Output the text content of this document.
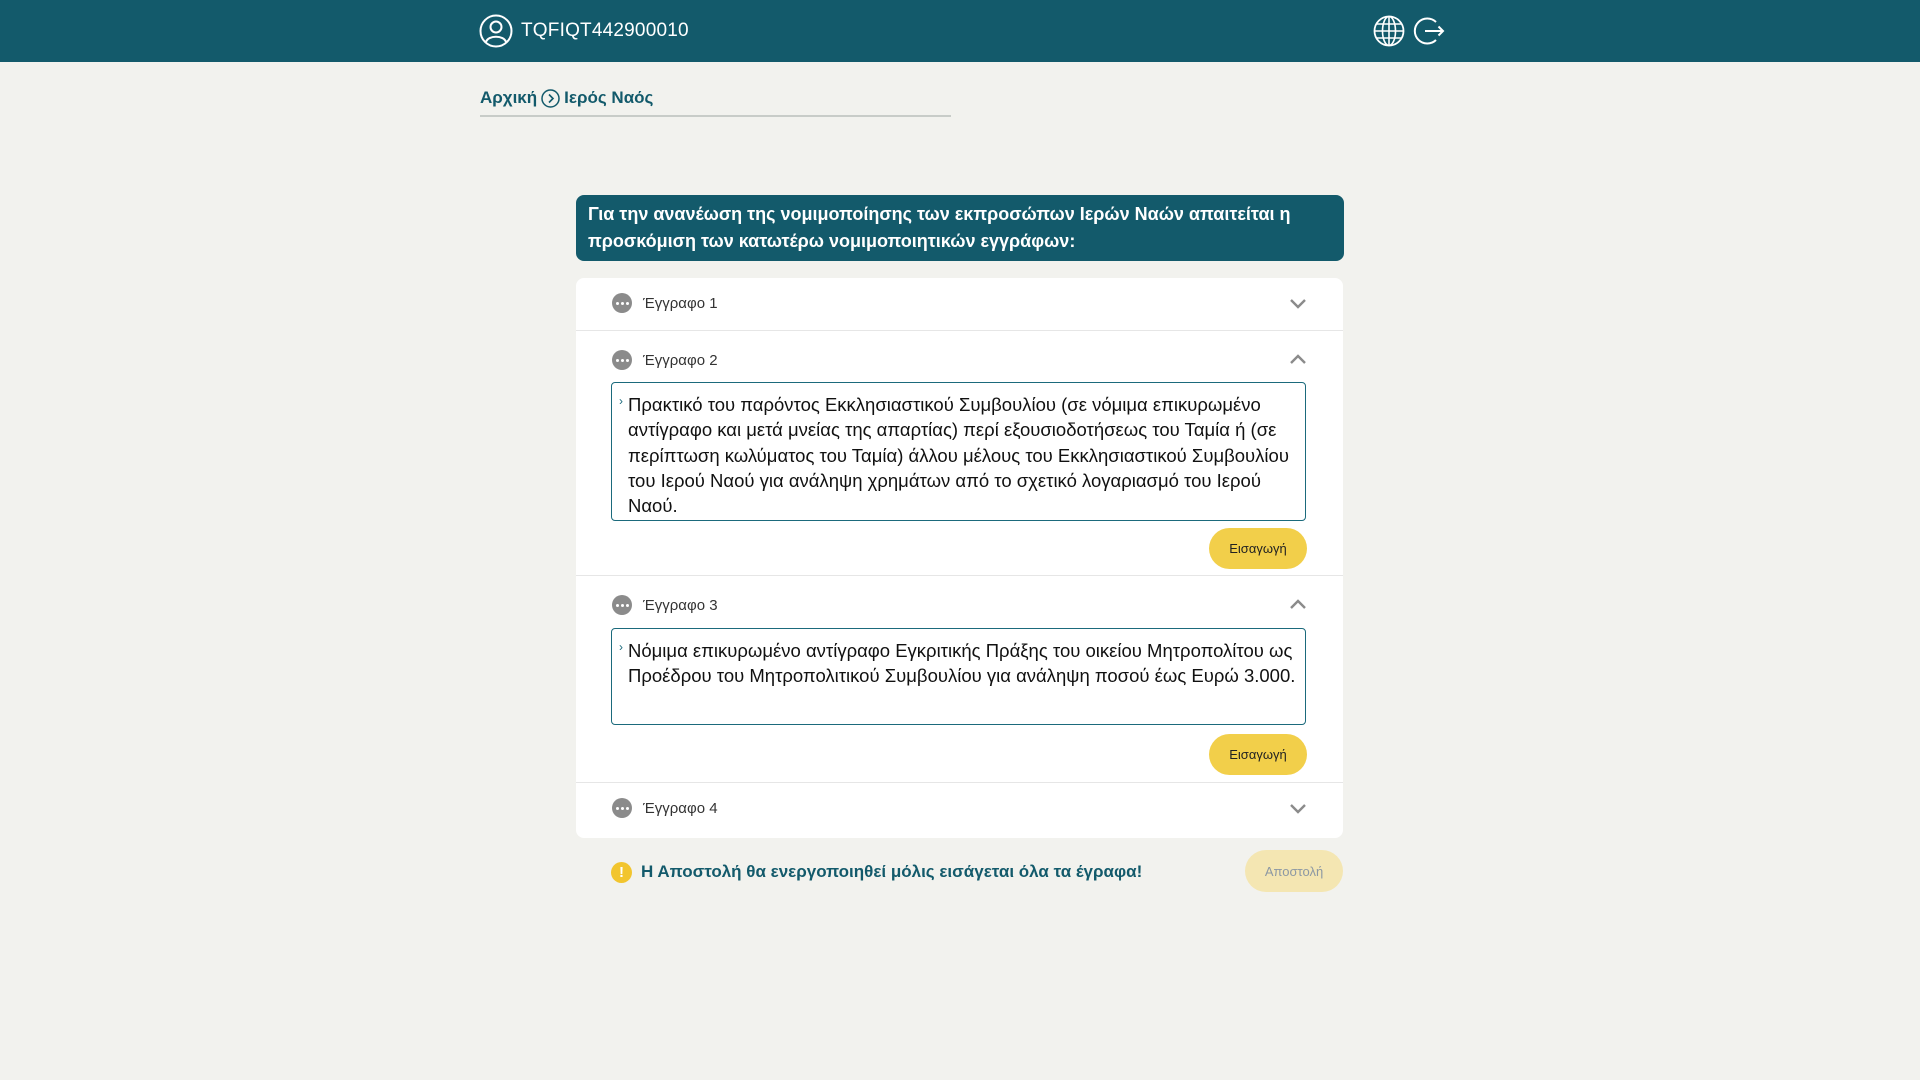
TQFIQT442900010
Αρχική Ιερός Ναός
Για την ανανέωση της νομιμοποίησης των εκπροσώπων Ιερών Ναών απαιτείται η προσκόμιση των κατωτέρω νομιμοποιητικών εγγράφων:
Έγγραφο 1
Έγγραφο 2
› Πρακτικό του παρόντος Εκκλησιαστικού Συμβουλίου (σε νόμιμα επικυρωμένο αντίγραφο και μετά μνείας της απαρτίας) περί εξουσιοδοτήσεως του Ταμία ή (σε περίπτωση κωλύματος του Ταμία) άλλου μέλους του Εκκλησιαστικού Συμβουλίου του Ιερού Ναού για ανάληψη χρημάτων από το σχετικό λογαριασμό του Ιερού Ναού.
Εισαγωγή
Έγγραφο 3
› Νόμιμα επικυρωμένο αντίγραφο Εγκριτικής Πράξης του οικείου Μητροπολίτου ως Προέδρου του Μητροπολιτικού Συμβουλίου για ανάληψη ποσού έως Ευρώ 3.000.
Εισαγωγή
Έγγραφο 4
!	Η Αποστολή θα ενεργοποιηθεί μόλις εισάγεται όλα τα έγραφα!	Αποστολή
